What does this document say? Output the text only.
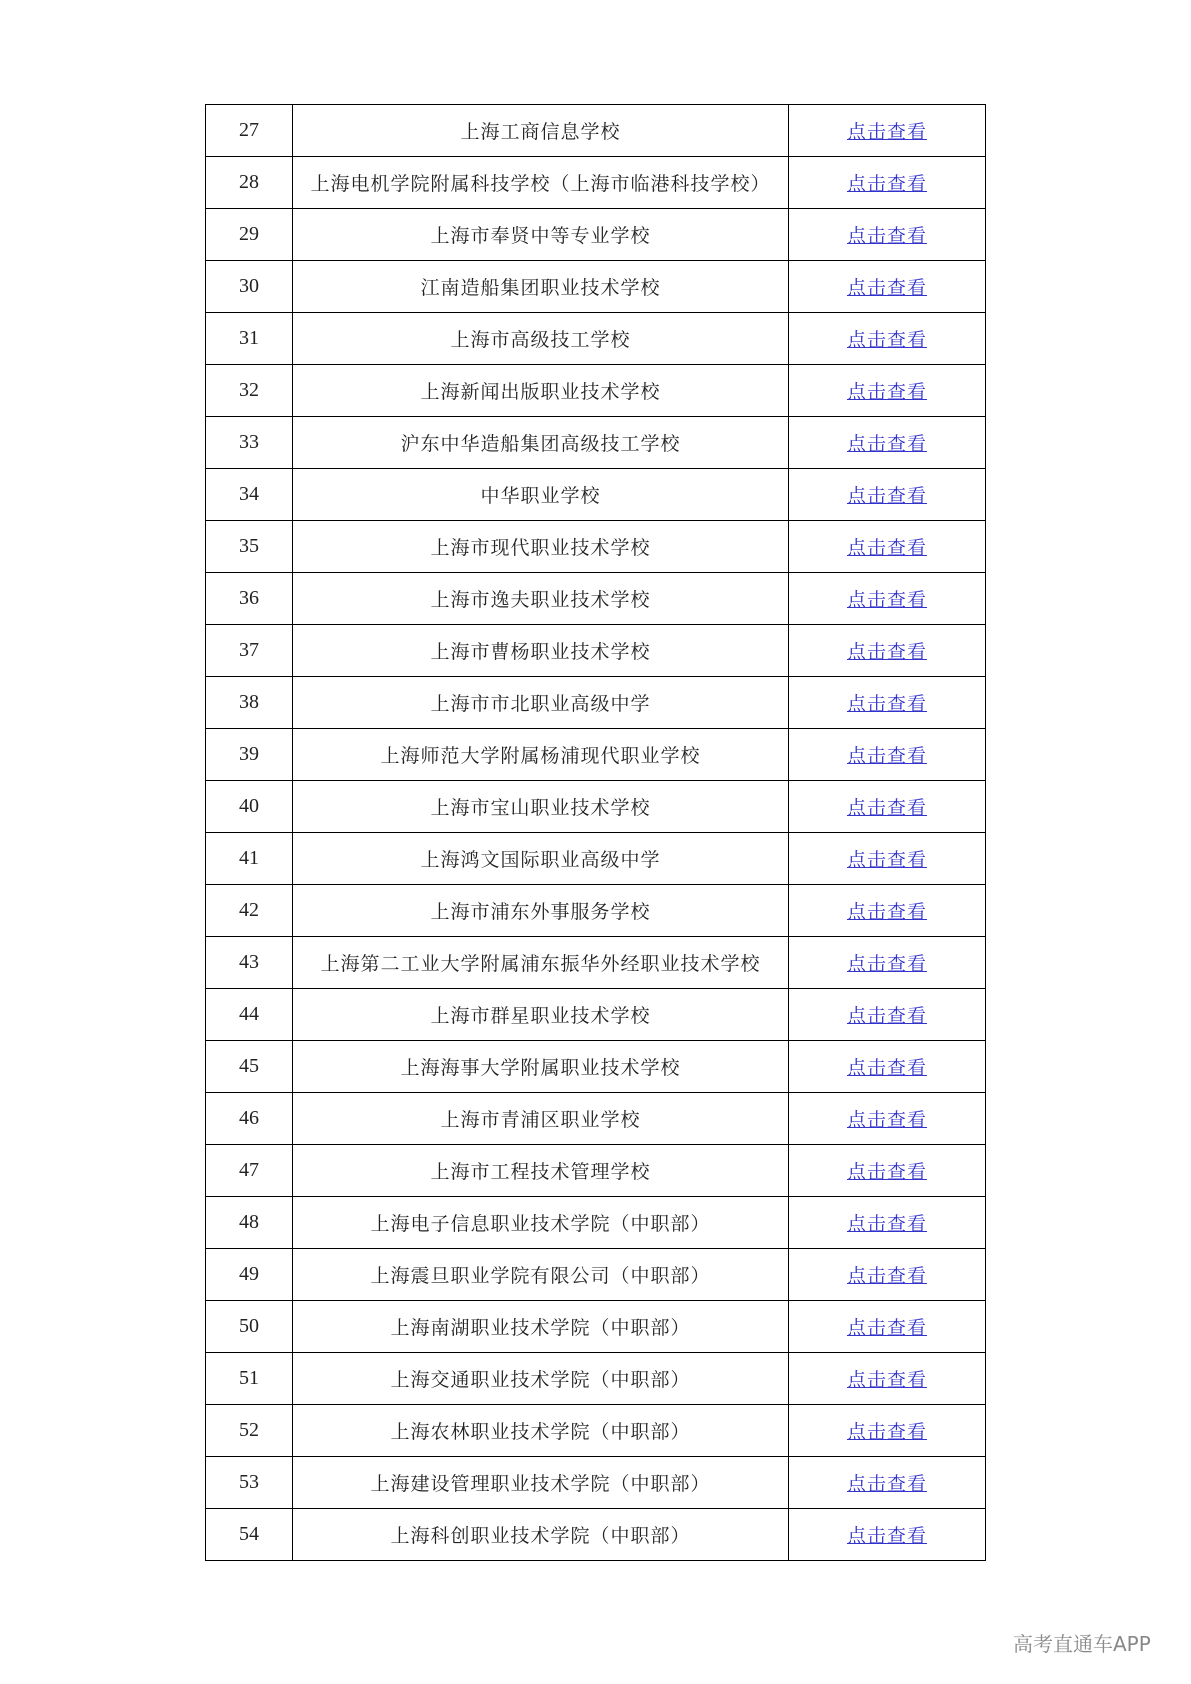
27	上海工商信息学校	点击查看
28	上海电机学院附属科技学校（上海市临港科技学校）	点击查看
29	上海市奉贤中等专业学校	点击查看
30	江南造船集团职业技术学校	点击查看
31	上海市高级技工学校	点击查看
32	上海新闻出版职业技术学校	点击查看
33	沪东中华造船集团高级技工学校	点击查看
34	中华职业学校	点击查看
35	上海市现代职业技术学校	点击查看
36	上海市逸夫职业技术学校	点击查看
37	上海市曹杨职业技术学校	点击查看
38	上海市市北职业高级中学	点击查看
39	上海师范大学附属杨浦现代职业学校	点击查看
40	上海市宝山职业技术学校	点击查看
41	上海鸿文国际职业高级中学	点击查看
42	上海市浦东外事服务学校	点击查看
43	上海第二工业大学附属浦东振华外经职业技术学校	点击查看
44	上海市群星职业技术学校	点击查看
45	上海海事大学附属职业技术学校	点击查看
46	上海市青浦区职业学校	点击查看
47	上海市工程技术管理学校	点击查看
48	上海电子信息职业技术学院（中职部）	点击查看
49	上海震旦职业学院有限公司（中职部）	点击查看
50	上海南湖职业技术学院（中职部）	点击查看
51	上海交通职业技术学院（中职部）	点击查看
52	上海农林职业技术学院（中职部）	点击查看
53	上海建设管理职业技术学院（中职部）	点击查看
54	上海科创职业技术学院（中职部）	点击查看
高考直通车APP
